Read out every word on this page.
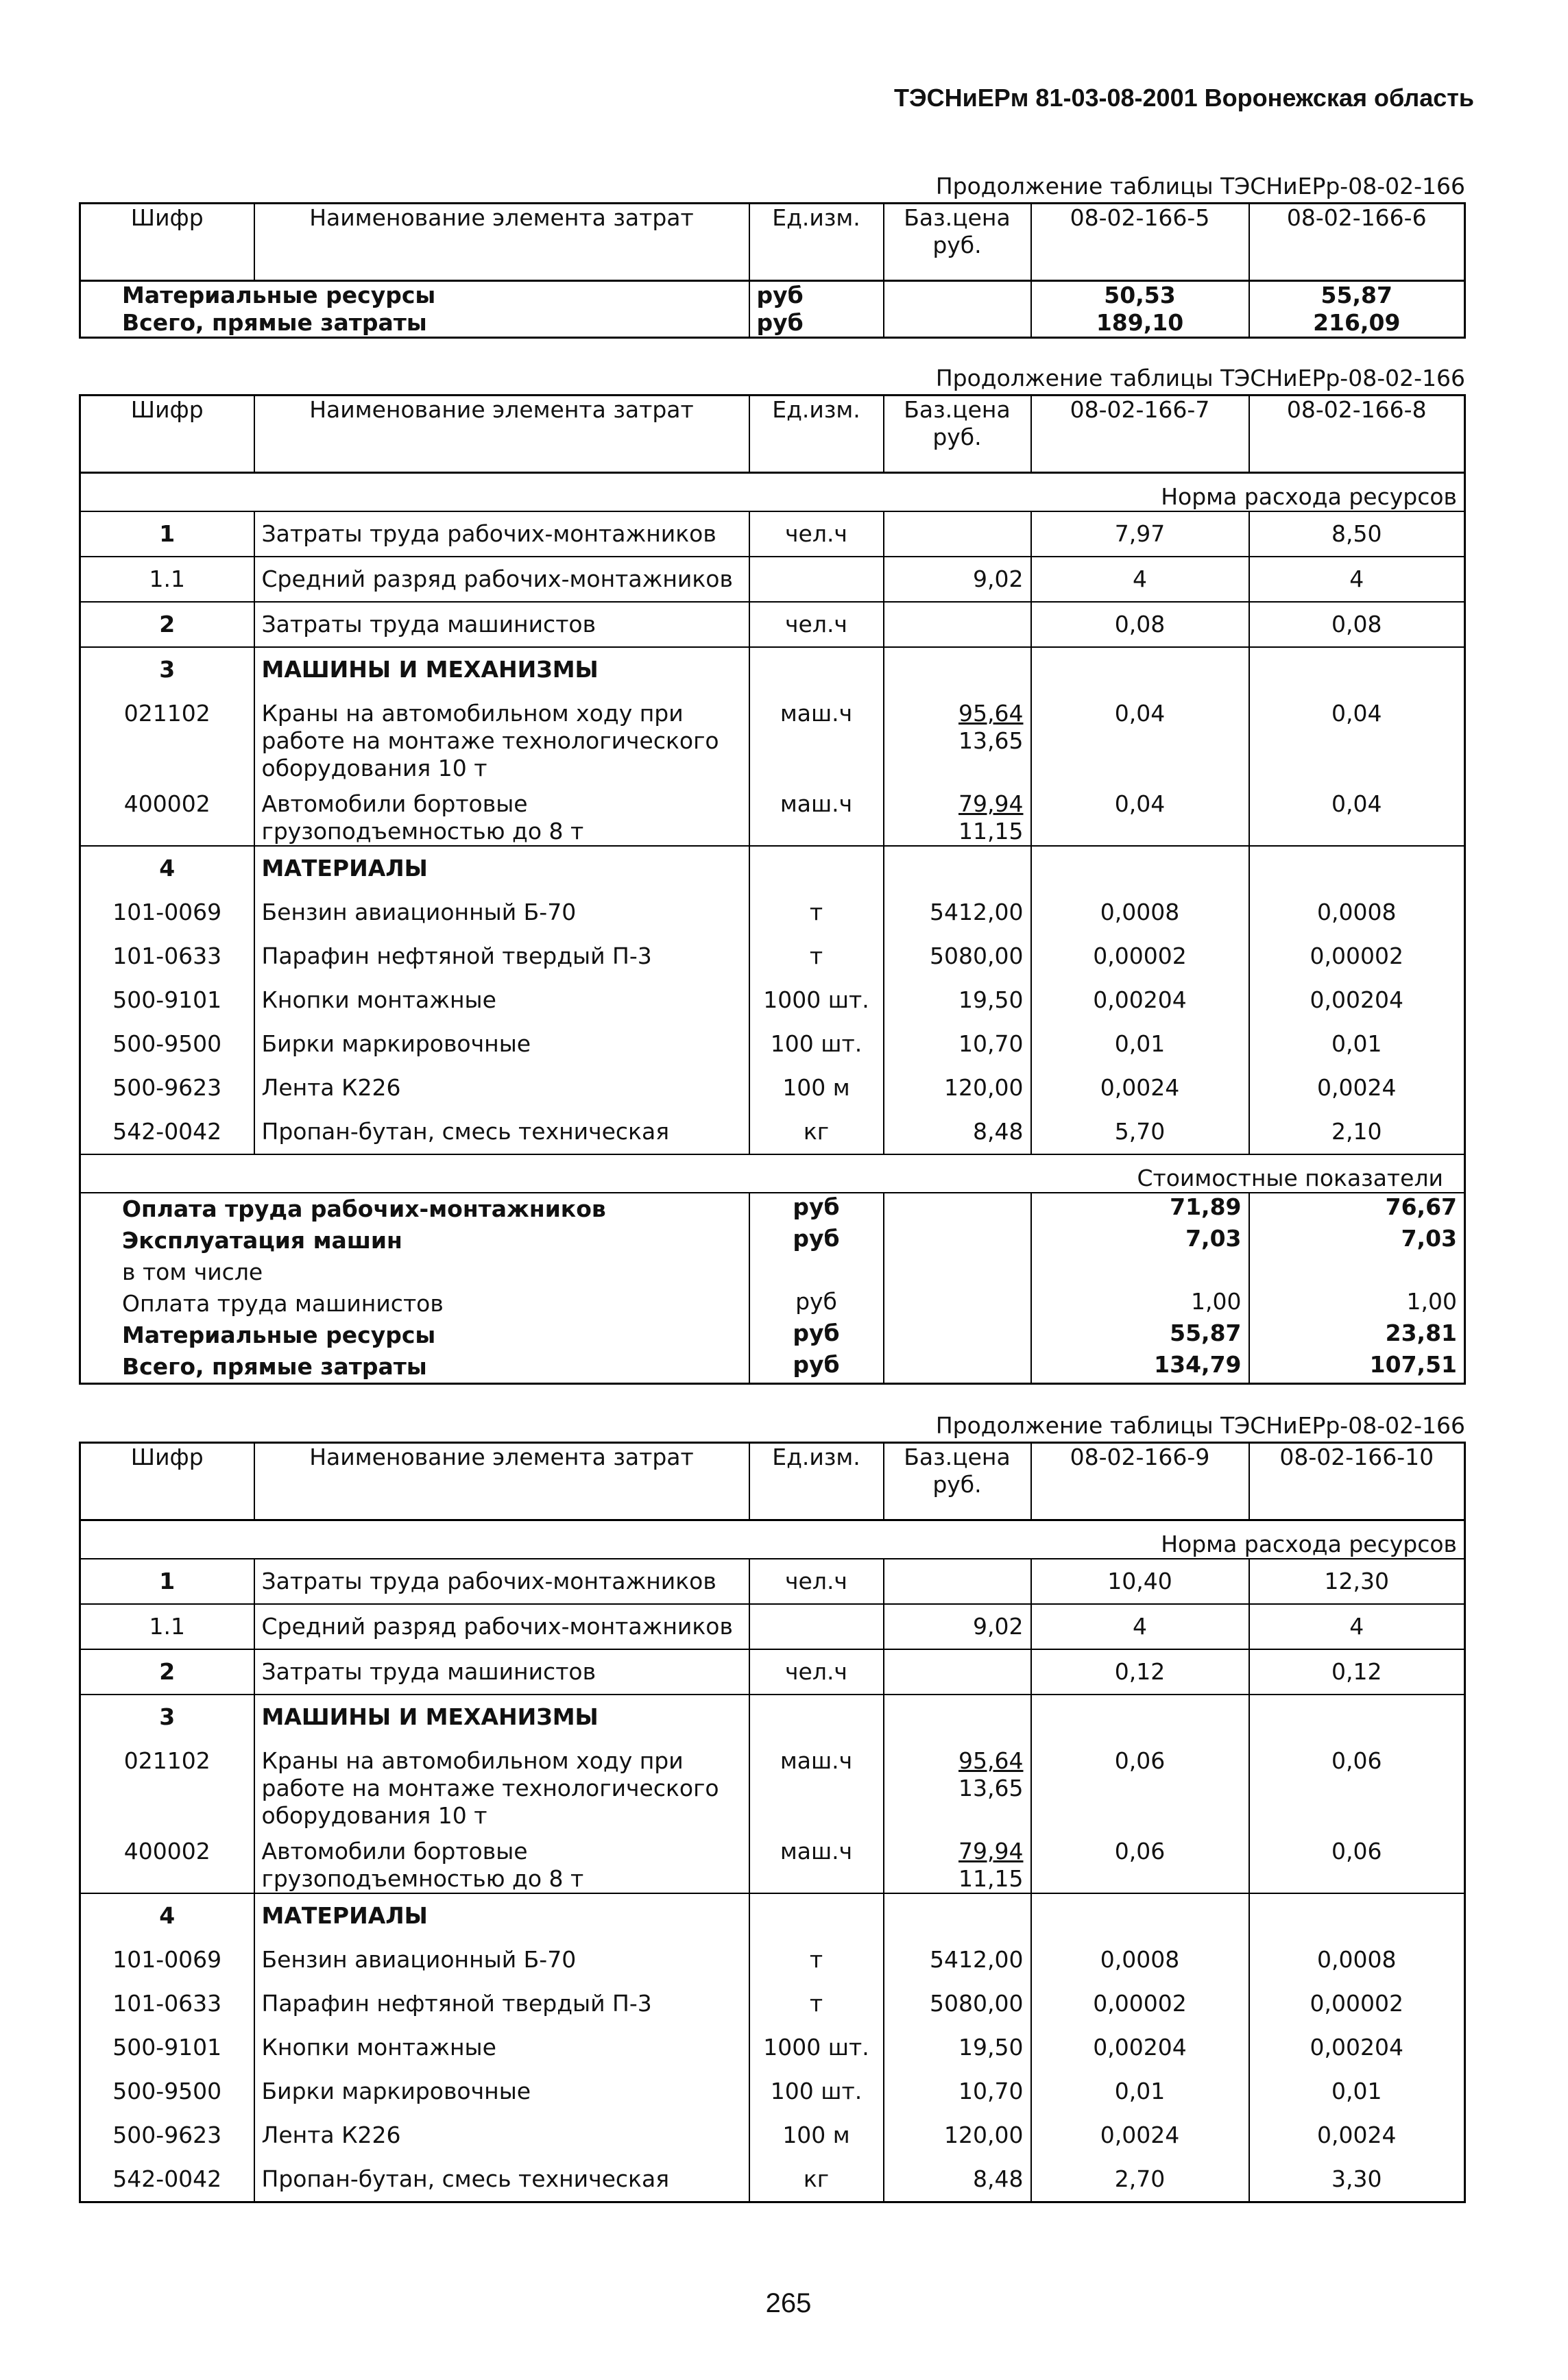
ТЭСНиЕРм 81-03-08-2001 Воронежская область
Продолжение таблицы ТЭСНиЕРр-08-02-166
Шифр	Наименование элемента затрат	Ед.изм.	Баз.цена руб.	08-02-166-5	08-02-166-6
Материальные ресурсы		руб		50,53	55,87
Всего, прямые затраты		руб		189,10	216,09
Продолжение таблицы ТЭСНиЕРр-08-02-166
Шифр	Наименование элемента затрат	Ед.изм.	Баз.цена руб.	08-02-166-7	08-02-166-8
Норма расхода ресурсов					
1	Затраты труда рабочих-монтажников	чел.ч		7,97	8,50
1.1	Средний разряд рабочих-монтажников		9,02	4	4
2	Затраты труда машинистов	чел.ч		0,08	0,08
3	МАШИНЫ И МЕХАНИЗМЫ				
021102	Краны на автомобильном ходу при работе на монтаже технологического оборудования 10 т	маш.ч	$\frac{95,64}{13,65}$	0,04	0,04
400002	Автомобили бортовые грузоподъемностью до 8 т	маш.ч	$\frac{79,94}{11,15}$	0,04	0,04
4	МАТЕРИАЛЫ				
101-0069	Бензин авиационный Б-70	т	5412,00	0,0008	0,0008
101-0633	Парафин нефтяной твердый П-3	т	5080,00	0,00002	0,00002
500-9101	Кнопки монтажные	1000 шт.	19,50	0,00204	0,00204
500-9500	Бирки маркировочные	100 шт.	10,70	0,01	0,01
500-9623	Лента К226	100 м	120,00	0,0024	0,0024
542-0042	Пропан-бутан, смесь техническая	кг	8,48	5,70	2,10
Стоимостные показатели					
Оплата труда рабочих-монтажников		руб		71,89	76,67
Эксплуатация машин		руб		7,03	7,03
в том числе					
Оплата труда машинистов		руб		1,00	1,00
Материальные ресурсы		руб		55,87	23,81
Всего, прямые затраты		руб		134,79	107,51
Продолжение таблицы ТЭСНиЕРр-08-02-166
Шифр	Наименование элемента затрат	Ед.изм.	Баз.цена руб.	08-02-166-9	08-02-166-10
Норма расхода ресурсов					
1	Затраты труда рабочих-монтажников	чел.ч		10,40	12,30
1.1	Средний разряд рабочих-монтажников		9,02	4	4
2	Затраты труда машинистов	чел.ч		0,12	0,12
3	МАШИНЫ И МЕХАНИЗМЫ				
021102	Краны на автомобильном ходу при работе на монтаже технологического оборудования 10 т	маш.ч	$\frac{95,64}{13,65}$	0,06	0,06
400002	Автомобили бортовые грузоподъемностью до 8 т	маш.ч	$\frac{79,94}{11,15}$	0,06	0,06
4	МАТЕРИАЛЫ				
101-0069	Бензин авиационный Б-70	т	5412,00	0,0008	0,0008
101-0633	Парафин нефтяной твердый П-3	т	5080,00	0,00002	0,00002
500-9101	Кнопки монтажные	1000 шт.	19,50	0,00204	0,00204
500-9500	Бирки маркировочные	100 шт.	10,70	0,01	0,01
500-9623	Лента К226	100 м	120,00	0,0024	0,0024
542-0042	Пропан-бутан, смесь техническая	кг	8,48	2,70	3,30
265
